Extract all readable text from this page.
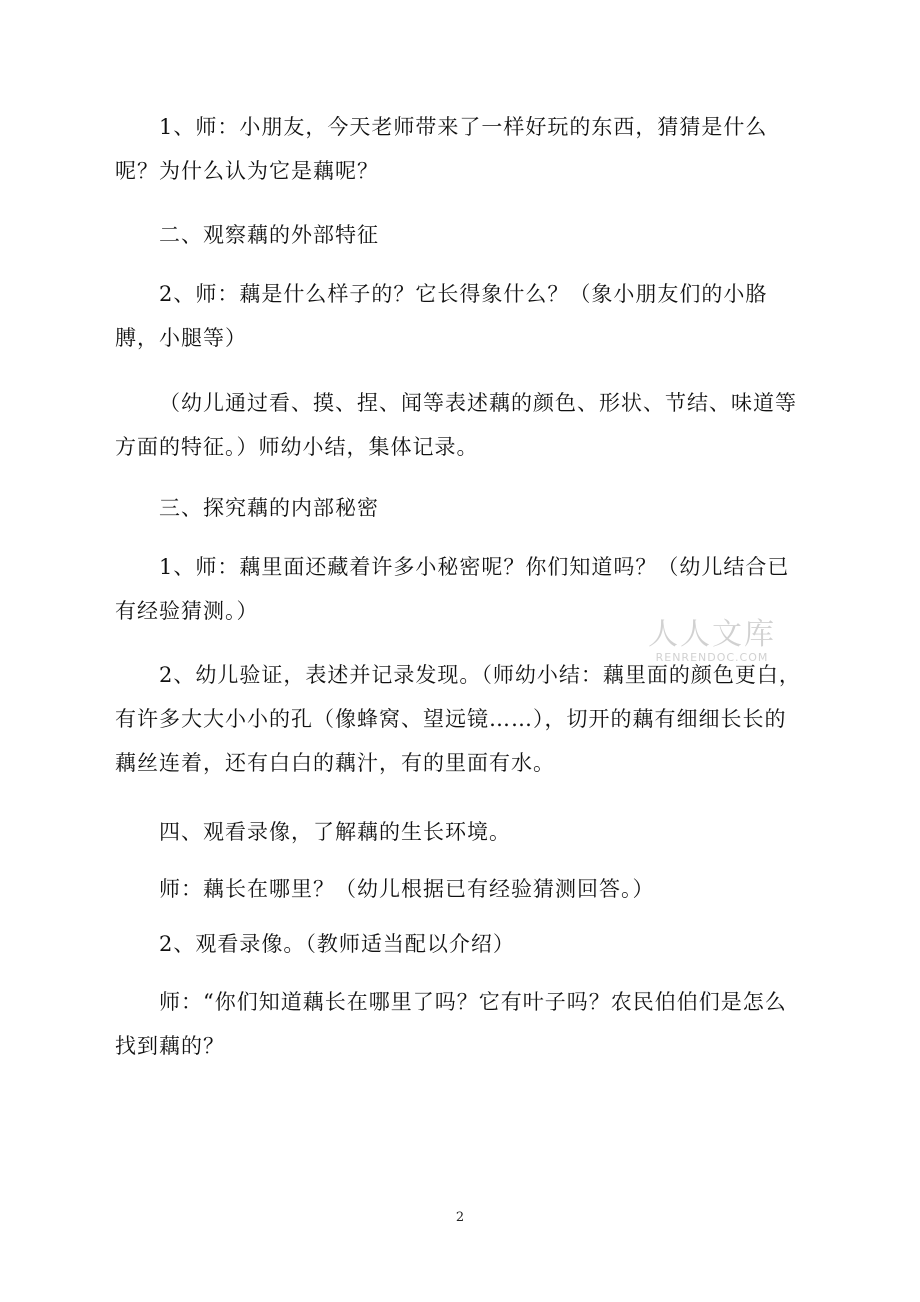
1、师：小朋友，今天老师带来了一样好玩的东西，猜猜是什么呢？为什么认为它是藕呢？

二、观察藕的外部特征

2、师：藕是什么样子的？它长得象什么？（象小朋友们的小胳膊，小腿等）

（幼儿通过看、摸、捏、闻等表述藕的颜色、形状、节结、味道等方面的特征。）师幼小结，集体记录。

三、探究藕的内部秘密

1、师：藕里面还藏着许多小秘密呢？你们知道吗？（幼儿结合已有经验猜测。）

2、幼儿验证，表述并记录发现。（师幼小结：藕里面的颜色更白，有许多大大小小的孔（像蜂窝、望远镜……），切开的藕有细细长长的藕丝连着，还有白白的藕汁，有的里面有水。

四、观看录像，了解藕的生长环境。

师：藕长在哪里？（幼儿根据已有经验猜测回答。）

2、观看录像。（教师适当配以介绍）

师：“你们知道藕长在哪里了吗？它有叶子吗？农民伯伯们是怎么找到藕的？

人人文库
RENRENDOC.COM
2
